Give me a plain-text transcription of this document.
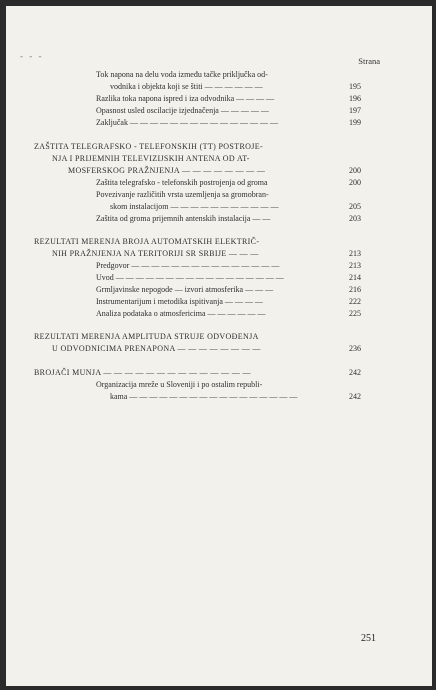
- - -	Strana
Tok napona na delu voda između tačke priključka od-
vodnika i objekta koji se štiti — — — — — —	195
Razlika toka napona ispred i iza odvodnika — — — —	196
Opasnost usled oscilacije izjednačenja — — — — —	197
Zaključak — — — — — — — — — — — — — — —	199
ZAŠTITA TELEGRAFSKO - TELEFONSKIH (TT) POSTROJE-
NJA I PRIJEMNIH TELEVIZIJSKIH ANTENA OD AT-
MOSFERSKOG PRAŽNJENJA — — — — — — — —	200
Zaštita telegrafsko - telefonskih postrojenja od groma	200
Povezivanje različitih vrsta uzemljenja sa gromobran-
skom instalacijom — — — — — — — — — — —	205
Zaštita od groma prijemnih antenskih instalacija — —	203
REZULTATI MERENJA BROJA AUTOMATSKIH ELEKTRIČ-
NIH PRAŽNJENJA NA TERITORIJI SR SRBIJE — — —	213
Predgovor — — — — — — — — — — — — — — —	213
Uvod — — — — — — — — — — — — — — — — —	214
Grmljavinske nepogode — izvori atmosferika — — —	216
Instrumentarijum i metodika ispitivanja — — — —	222
Analiza podataka o atmosfericima — — — — — —	225
REZULTATI MERENJA AMPLITUDA STRUJE ODVOĐENJA
U ODVODNICIMA PRENAPONA — — — — — — — —	236
BROJAČI MUNJA — — — — — — — — — — — — — —	242
Organizacija mreže u Sloveniji i po ostalim republi-
kama — — — — — — — — — — — — — — — — —	242
251
